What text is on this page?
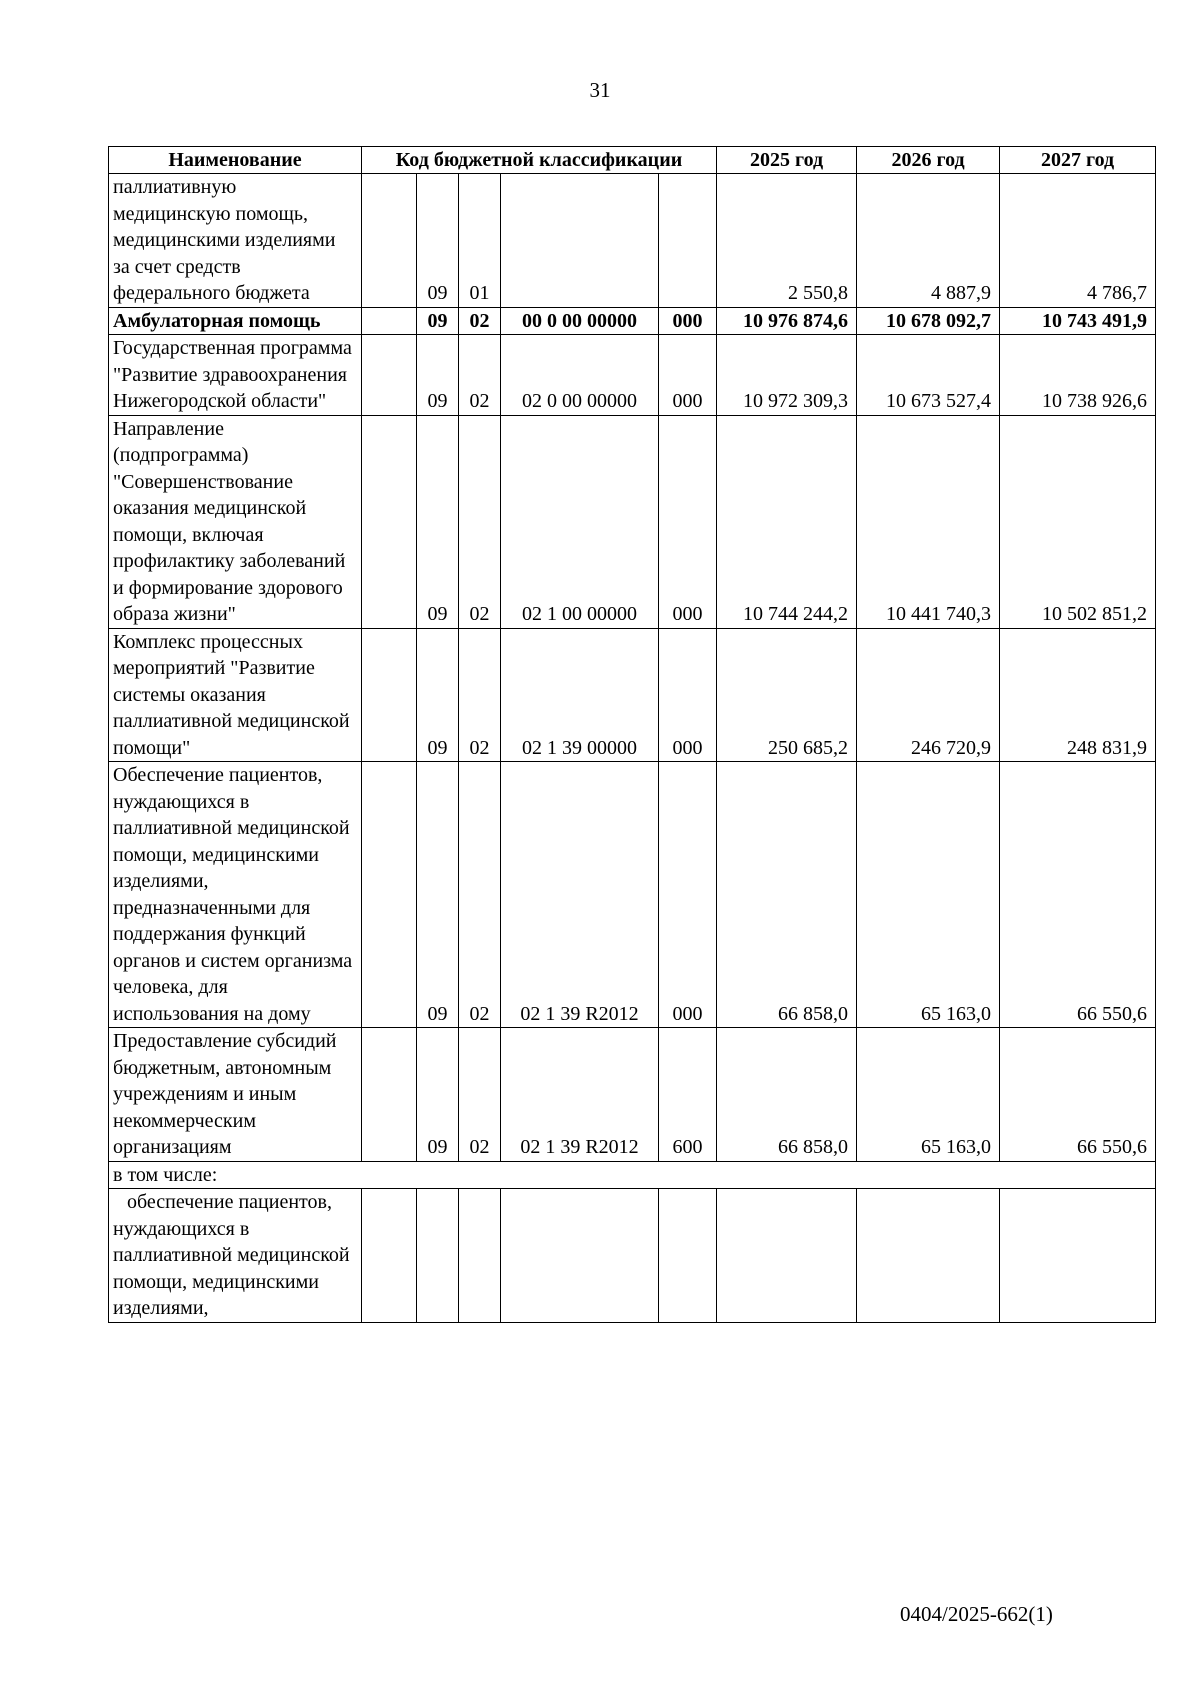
31
Наименование	Код бюджетной классификации					2025 год	2026 год	2027 год
паллиативную медицинскую помощь, медицинскими изделиями за счет средств федерального бюджета		09	01			2 550,8	4 887,9	4 786,7
Амбулаторная помощь		09	02	00 0 00 00000	000	10 976 874,6	10 678 092,7	10 743 491,9
Государственная программа "Развитие здравоохранения Нижегородской области"		09	02	02 0 00 00000	000	10 972 309,3	10 673 527,4	10 738 926,6
Направление (подпрограмма) "Совершенствование оказания медицинской помощи, включая профилактику заболеваний и формирование здорового образа жизни"		09	02	02 1 00 00000	000	10 744 244,2	10 441 740,3	10 502 851,2
Комплекс процессных мероприятий "Развитие системы оказания паллиативной медицинской помощи"		09	02	02 1 39 00000	000	250 685,2	246 720,9	248 831,9
Обеспечение пациентов, нуждающихся в паллиативной медицинской помощи, медицинскими изделиями, предназначенными для поддержания функций органов и систем организма человека, для использования на дому		09	02	02 1 39 R2012	000	66 858,0	65 163,0	66 550,6
Предоставление субсидий бюджетным, автономным учреждениям и иным некоммерческим организациям		09	02	02 1 39 R2012	600	66 858,0	65 163,0	66 550,6
в том числе:								

обеспечение пациентов, нуждающихся в паллиативной медицинской помощи, медицинскими изделиями,								

0404/2025-662(1)
